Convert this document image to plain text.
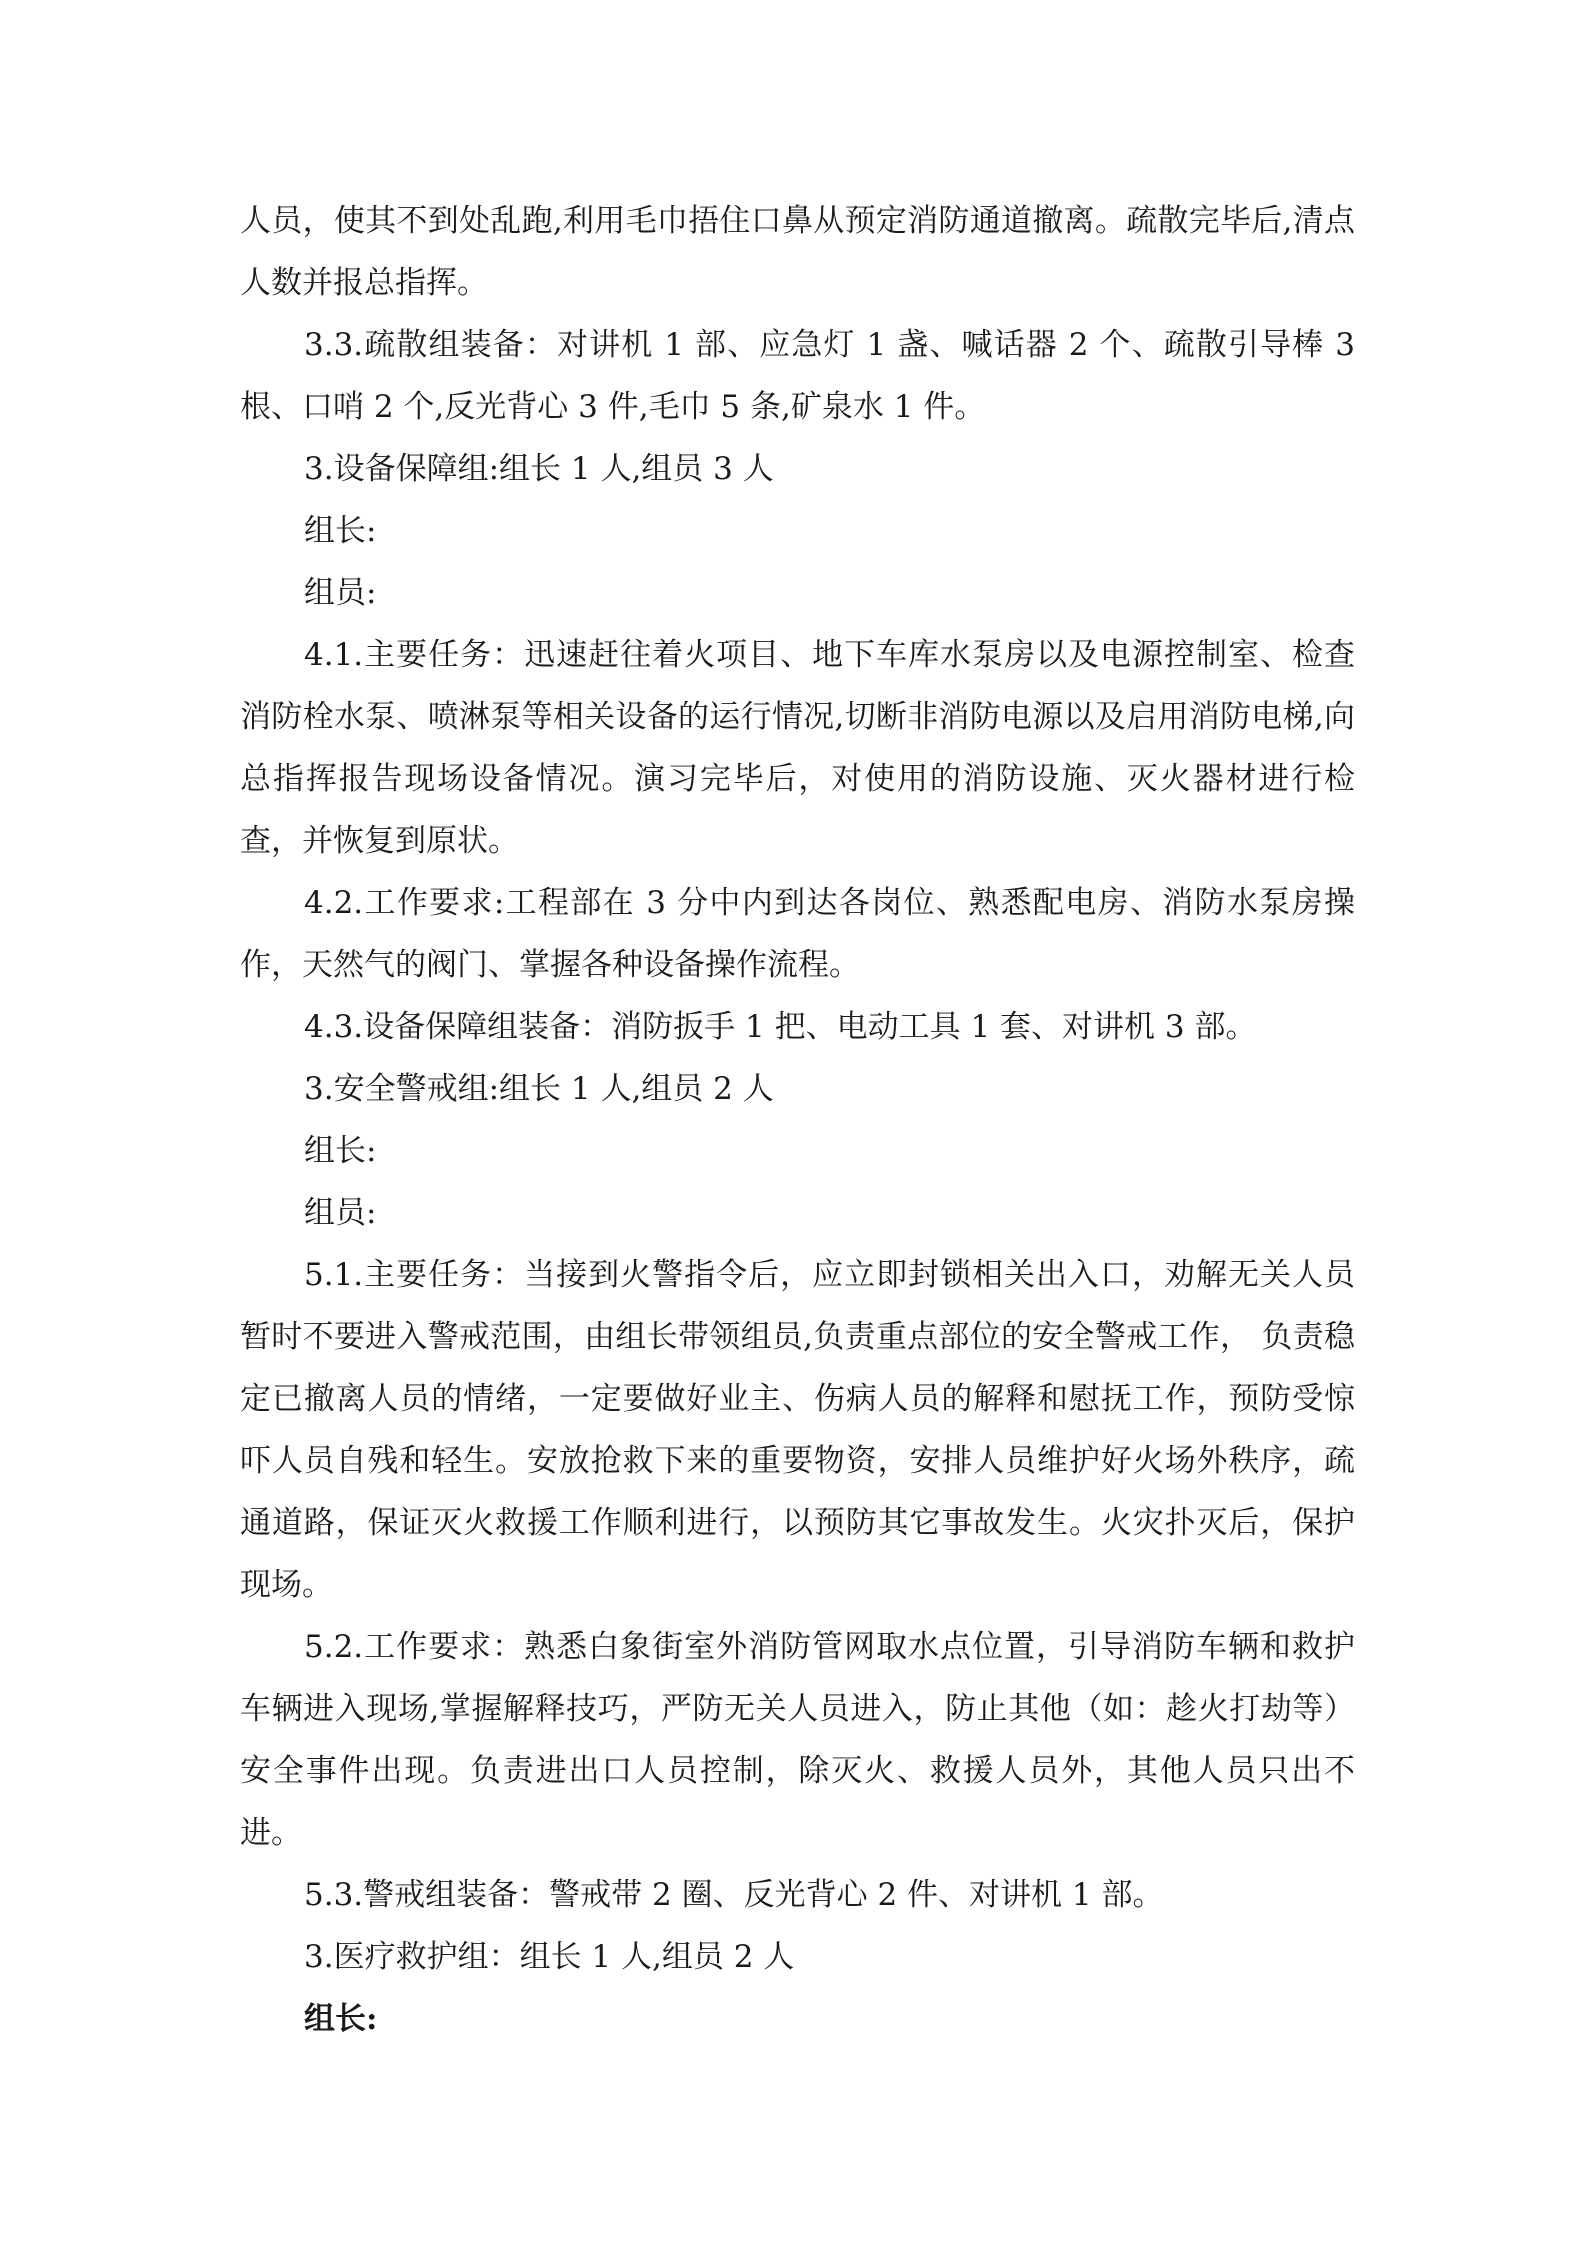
人员，使其不到处乱跑,利用毛巾捂住口鼻从预定消防通道撤离。疏散完毕后,清点人数并报总指挥。

3.3.疏散组装备：对讲机 1 部、应急灯 1 盏、喊话器 2 个、疏散引导棒 3 根、口哨 2 个,反光背心 3 件,毛巾 5 条,矿泉水 1 件。

3.设备保障组:组长 1 人,组员 3 人

组长:

组员:

4.1.主要任务：迅速赶往着火项目、地下车库水泵房以及电源控制室、检查消防栓水泵、喷淋泵等相关设备的运行情况,切断非消防电源以及启用消防电梯,向总指挥报告现场设备情况。演习完毕后，对使用的消防设施、灭火器材进行检查，并恢复到原状。

4.2.工作要求:工程部在 3 分中内到达各岗位、熟悉配电房、消防水泵房操作，天然气的阀门、掌握各种设备操作流程。

4.3.设备保障组装备：消防扳手 1 把、电动工具 1 套、对讲机 3 部。

3.安全警戒组:组长 1 人,组员 2 人

组长:

组员:

5.1.主要任务：当接到火警指令后，应立即封锁相关出入口，劝解无关人员暂时不要进入警戒范围，由组长带领组员,负责重点部位的安全警戒工作， 负责稳定已撤离人员的情绪，一定要做好业主、伤病人员的解释和慰抚工作，预防受惊吓人员自残和轻生。安放抢救下来的重要物资，安排人员维护好火场外秩序，疏通道路，保证灭火救援工作顺利进行，以预防其它事故发生。火灾扑灭后，保护现场。

5.2.工作要求：熟悉白象街室外消防管网取水点位置，引导消防车辆和救护车辆进入现场,掌握解释技巧，严防无关人员进入，防止其他（如：趁火打劫等）安全事件出现。负责进出口人员控制，除灭火、救援人员外，其他人员只出不进。

5.3.警戒组装备：警戒带 2 圈、反光背心 2 件、对讲机 1 部。

3.医疗救护组：组长 1 人,组员 2 人

组长:
